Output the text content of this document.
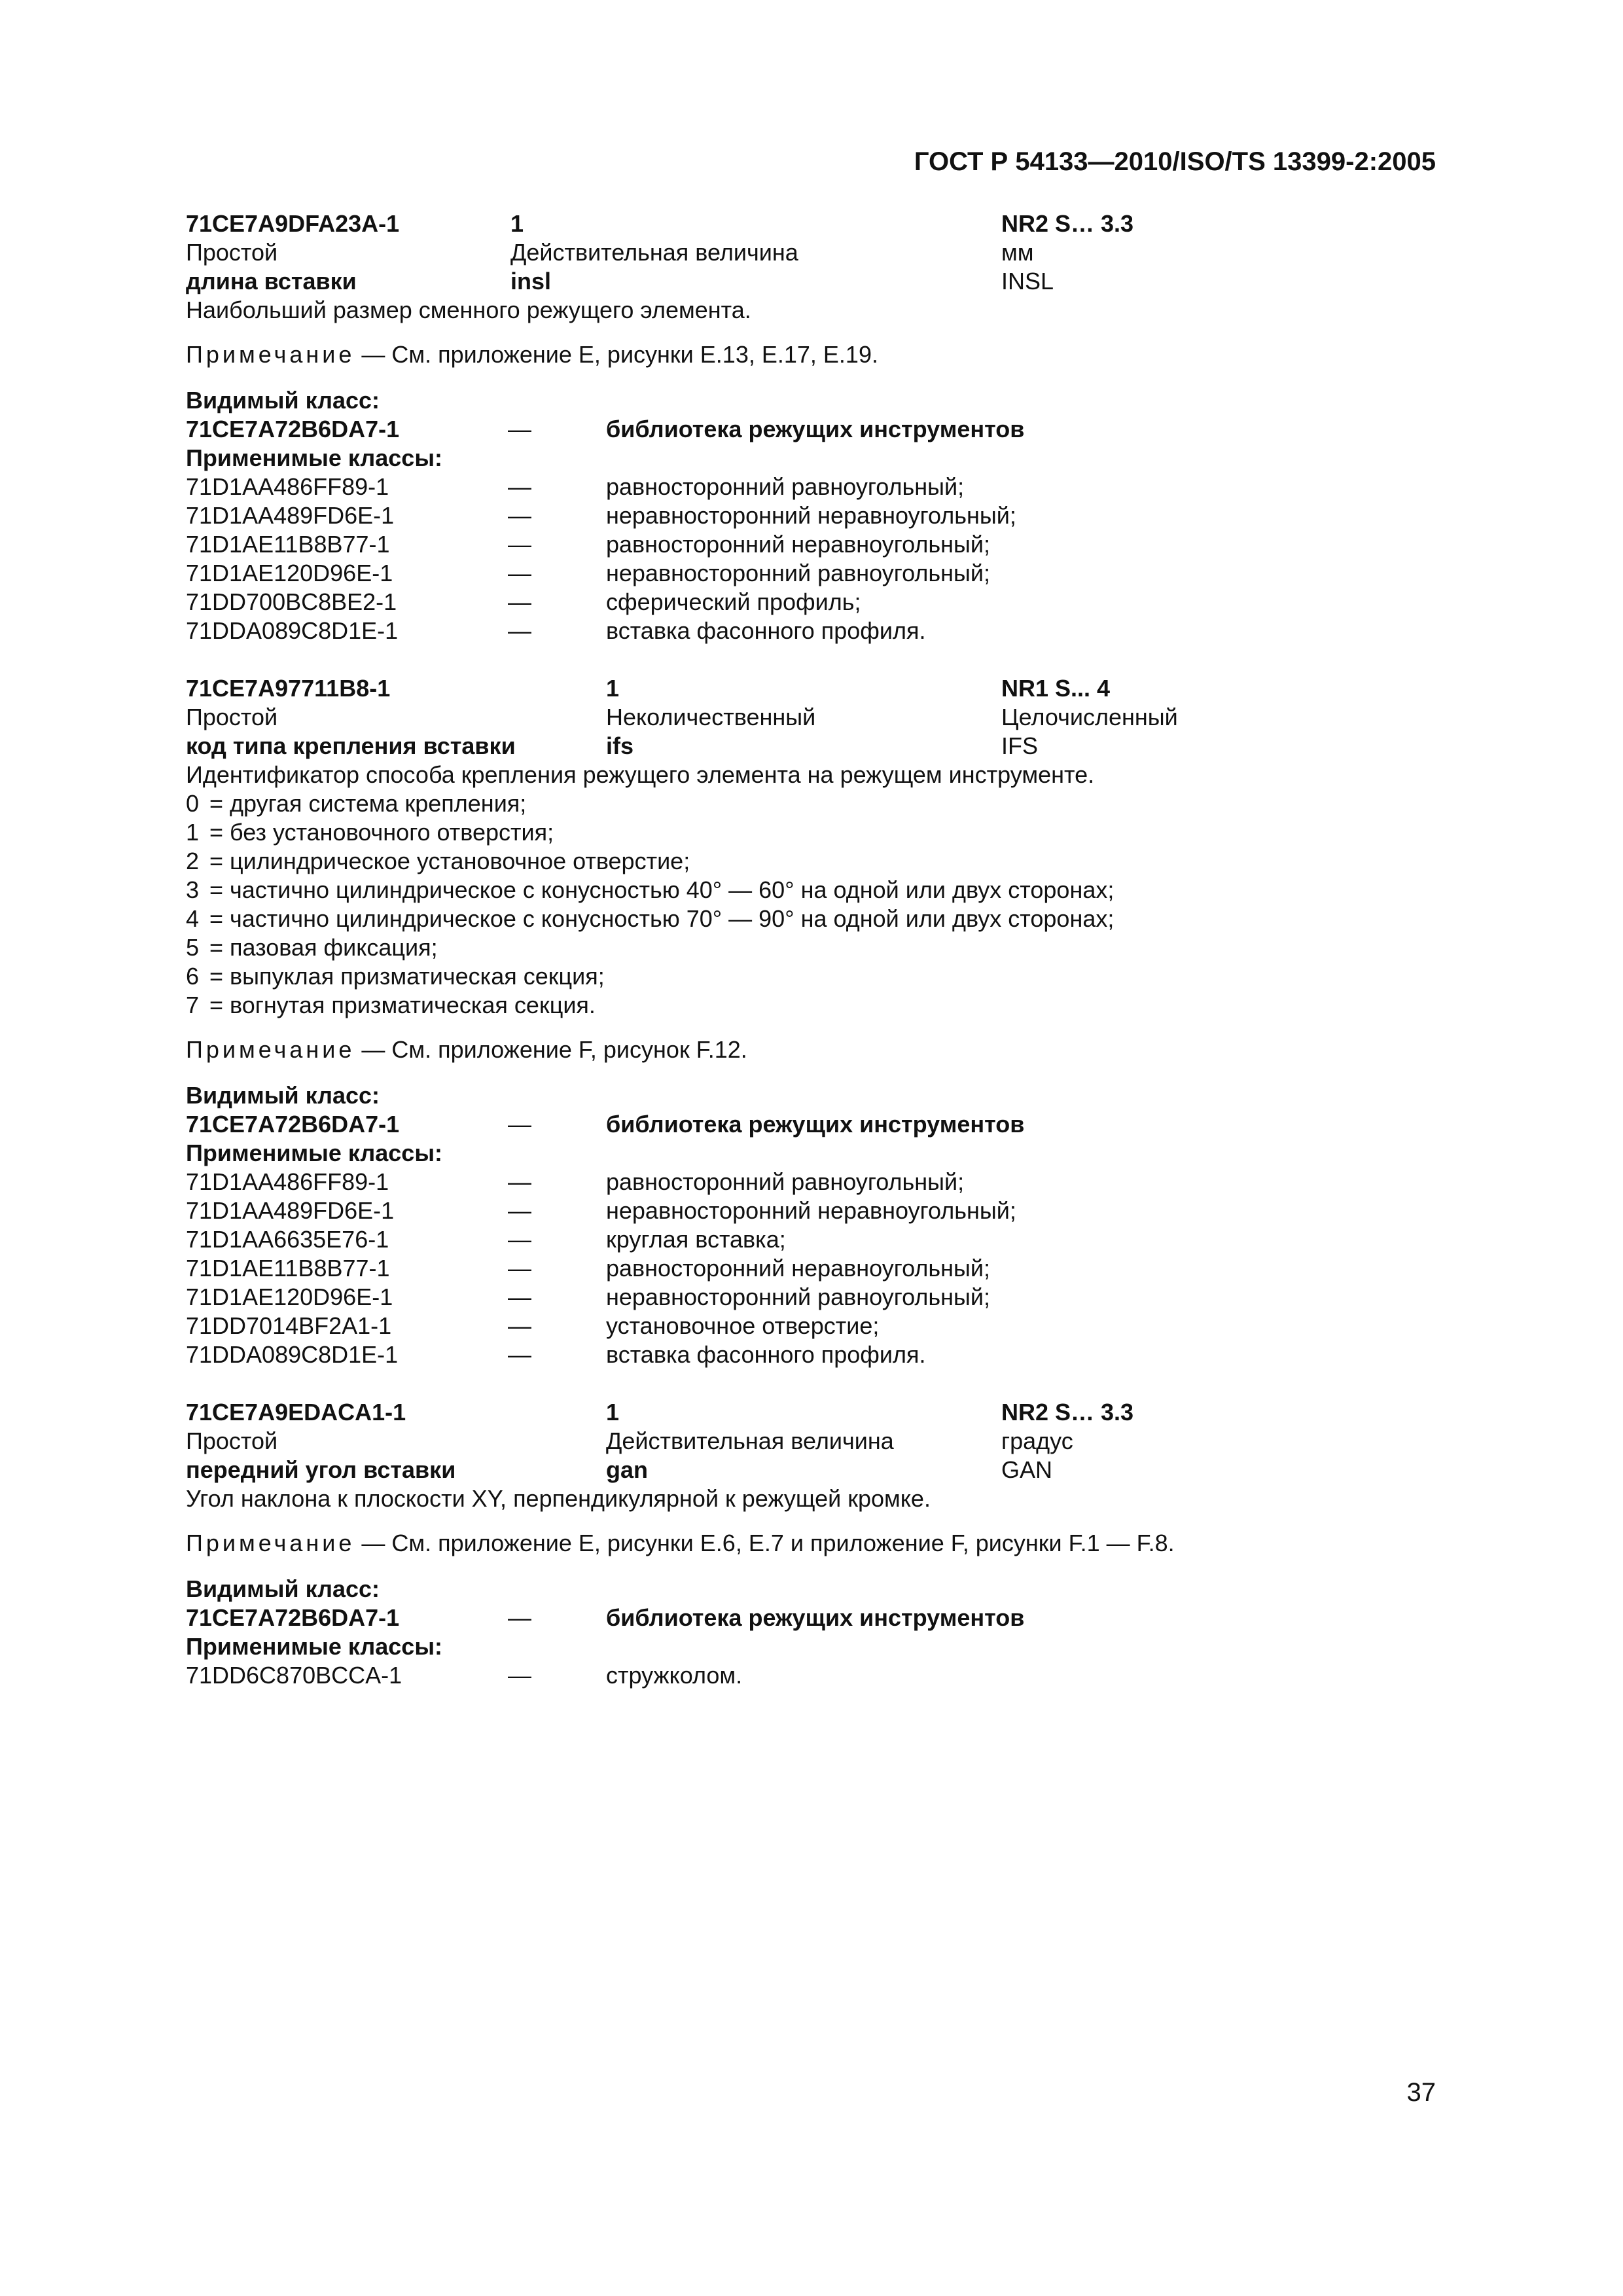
ГОСТ Р 54133—2010/ISO/TS 13399-2:2005
71CE7A9DFA23A-1	1	NR2 S… 3.3
Простой	Действительная величина	мм
длина вставки	insl	INSL
Наибольший размер сменного режущего элемента.
Примечание — См. приложение E, рисунки E.13, E.17, E.19.
Видимый класс:
71CE7A72B6DA7-1	—	библиотека режущих инструментов
Применимые классы:
71D1AA486FF89-1	—	равносторонний равноугольный;
71D1AA489FD6E-1	—	неравносторонний неравноугольный;
71D1AE11B8B77-1	—	равносторонний неравноугольный;
71D1AE120D96E-1	—	неравносторонний равноугольный;
71DD700BC8BE2-1	—	сферический профиль;
71DDA089C8D1E-1	—	вставка фасонного профиля.
71CE7A97711B8-1	1	NR1 S... 4
Простой	Неколичественный	Целочисленный
код типа крепления вставки	ifs	IFS
Идентификатор способа крепления режущего элемента на режущем инструменте.
0 = другая система крепления;
1 = без установочного отверстия;
2 = цилиндрическое установочное отверстие;
3 = частично цилиндрическое с конусностью 40° — 60° на одной или двух сторонах;
4 = частично цилиндрическое с конусностью 70° — 90° на одной или двух сторонах;
5 = пазовая фиксация;
6 = выпуклая призматическая секция;
7 = вогнутая призматическая секция.
Примечание — См. приложение F, рисунок F.12.
Видимый класс:
71CE7A72B6DA7-1	—	библиотека режущих инструментов
Применимые классы:
71D1AA486FF89-1	—	равносторонний равноугольный;
71D1AA489FD6E-1	—	неравносторонний неравноугольный;
71D1AA6635E76-1	—	круглая вставка;
71D1AE11B8B77-1	—	равносторонний неравноугольный;
71D1AE120D96E-1	—	неравносторонний равноугольный;
71DD7014BF2A1-1	—	установочное отверстие;
71DDA089C8D1E-1	—	вставка фасонного профиля.
71CE7A9EDACA1-1	1	NR2 S… 3.3
Простой	Действительная величина	градус
передний угол вставки	gan	GAN
Угол наклона к плоскости XY, перпендикулярной к режущей кромке.
Примечание — См. приложение E, рисунки E.6, E.7 и приложение F, рисунки F.1 — F.8.
Видимый класс:
71CE7A72B6DA7-1	—	библиотека режущих инструментов
Применимые классы:
71DD6C870BCCA-1	—	стружколом.
37
